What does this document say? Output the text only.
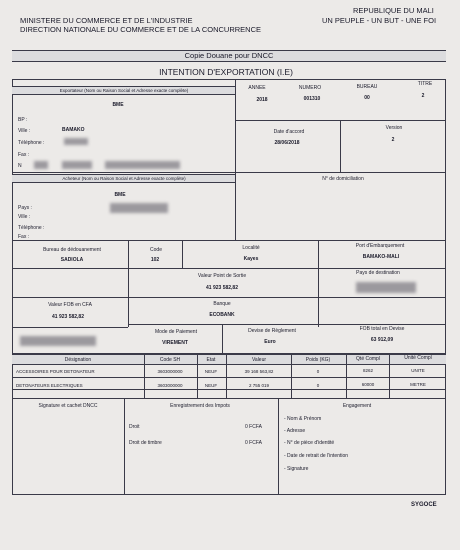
MINISTERE DU COMMERCE ET DE L'INDUSTRIE
DIRECTION NATIONALE DU COMMERCE ET DE LA CONCURRENCE
REPUBLIQUE DU MALI
UN PEUPLE - UN BUT - UNE FOI
Copie Douane pour DNCC
INTENTION D'EXPORTATION (I.E)
Exportateur (Nom ou Raison Social et Adresse exacte complète)
BME
BP :
Ville :	BAMAKO
Téléphone :
Fax :
N
ANNEE
2018
NUMERO
001310
BUREAU
00
TITRE
2
Date d'accord
28/06/2018
Version
2
Acheteur (Nom ou Raison Social et Adresse exacte complète)	N° de domiciliation
BME
Pays :
Ville :
Téléphone :
Fax :
Bureau de dédouanement
SADIOLA
Code
102
Localité
Kayes
Port d'Embarquement
BAMAKO-MALI
Valeur Point de Sortie
41 923 582,82
Pays de destination
Valeur FOB en CFA
41 923 582,82
Banque
ECOBANK
Mode de Paiement
VIREMENT
Devise de Règlement
Euro
FOB total en Devise
63 912,09
Désignation	Code SH	Etat	Valeur	Poids (KG)	Qté Compl	Unité Compl
ACCESSOIRES POUR DETONATEUR	3603000000	NEUF	39 168 563,82	0	8262	UNITE
DETONATEURS ELECTRIQUES	3603000000	NEUF	2 755 019	0	60000	METRE
Signature et cachet DNCC	Enregistrement des Impots
Droit	0 FCFA
Droit de timbre	0 FCFA
Engagement
- Nom & Prénom
- Adresse
- N° de pièce d'identité
- Date de retrait de l'intention
- Signature
SYGOCE
